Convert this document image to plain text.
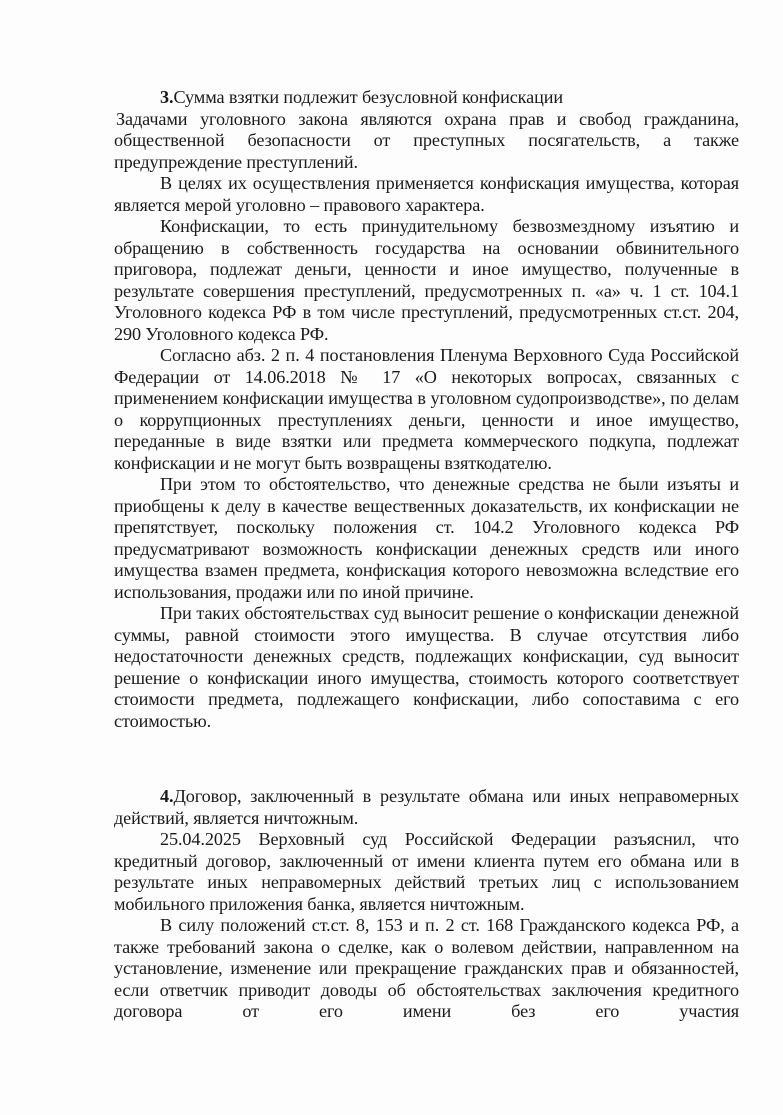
3.Сумма взятки подлежит безусловной конфискации

Задачами уголовного закона являются охрана прав и свобод гражданина, общественной безопасности от преступных посягательств, а также предупреждение преступлений.

В целях их осуществления применяется конфискация имущества, которая является мерой уголовно – правового характера.

Конфискации, то есть принудительному безвозмездному изъятию и обращению в собственность государства на основании обвинительного приговора, подлежат деньги, ценности и иное имущество, полученные в результате совершения преступлений, предусмотренных п. «а» ч. 1 ст. 104.1 Уголовного кодекса РФ в том числе преступлений, предусмотренных ст.ст. 204, 290 Уголовного кодекса РФ.

Согласно абз. 2 п. 4 постановления Пленума Верховного Суда Российской Федерации от 14.06.2018 № 17 «О некоторых вопросах, связанных с применением конфискации имущества в уголовном судопроизводстве», по делам о коррупционных преступлениях деньги, ценности и иное имущество, переданные в виде взятки или предмета коммерческого подкупа, подлежат конфискации и не могут быть возвращены взяткодателю.

При этом то обстоятельство, что денежные средства не были изъяты и приобщены к делу в качестве вещественных доказательств, их конфискации не препятствует, поскольку положения ст. 104.2 Уголовного кодекса РФ предусматривают возможность конфискации денежных средств или иного имущества взамен предмета, конфискация которого невозможна вследствие его использования, продажи или по иной причине.

При таких обстоятельствах суд выносит решение о конфискации денежной суммы, равной стоимости этого имущества. В случае отсутствия либо недостаточности денежных средств, подлежащих конфискации, суд выносит решение о конфискации иного имущества, стоимость которого соответствует стоимости предмета, подлежащего конфискации, либо сопоставима с его стоимостью.

4.Договор, заключенный в результате обмана или иных неправомерных действий, является ничтожным.

25.04.2025 Верховный суд Российской Федерации разъяснил, что кредитный договор, заключенный от имени клиента путем его обмана или в результате иных неправомерных действий третьих лиц с использованием мобильного приложения банка, является ничтожным.

В силу положений ст.ст. 8, 153 и п. 2 ст. 168 Гражданского кодекса РФ, а также требований закона о сделке, как о волевом действии, направленном на установление, изменение или прекращение гражданских прав и обязанностей, если ответчик приводит доводы об обстоятельствах заключения кредитного договора от его имени без его участия
